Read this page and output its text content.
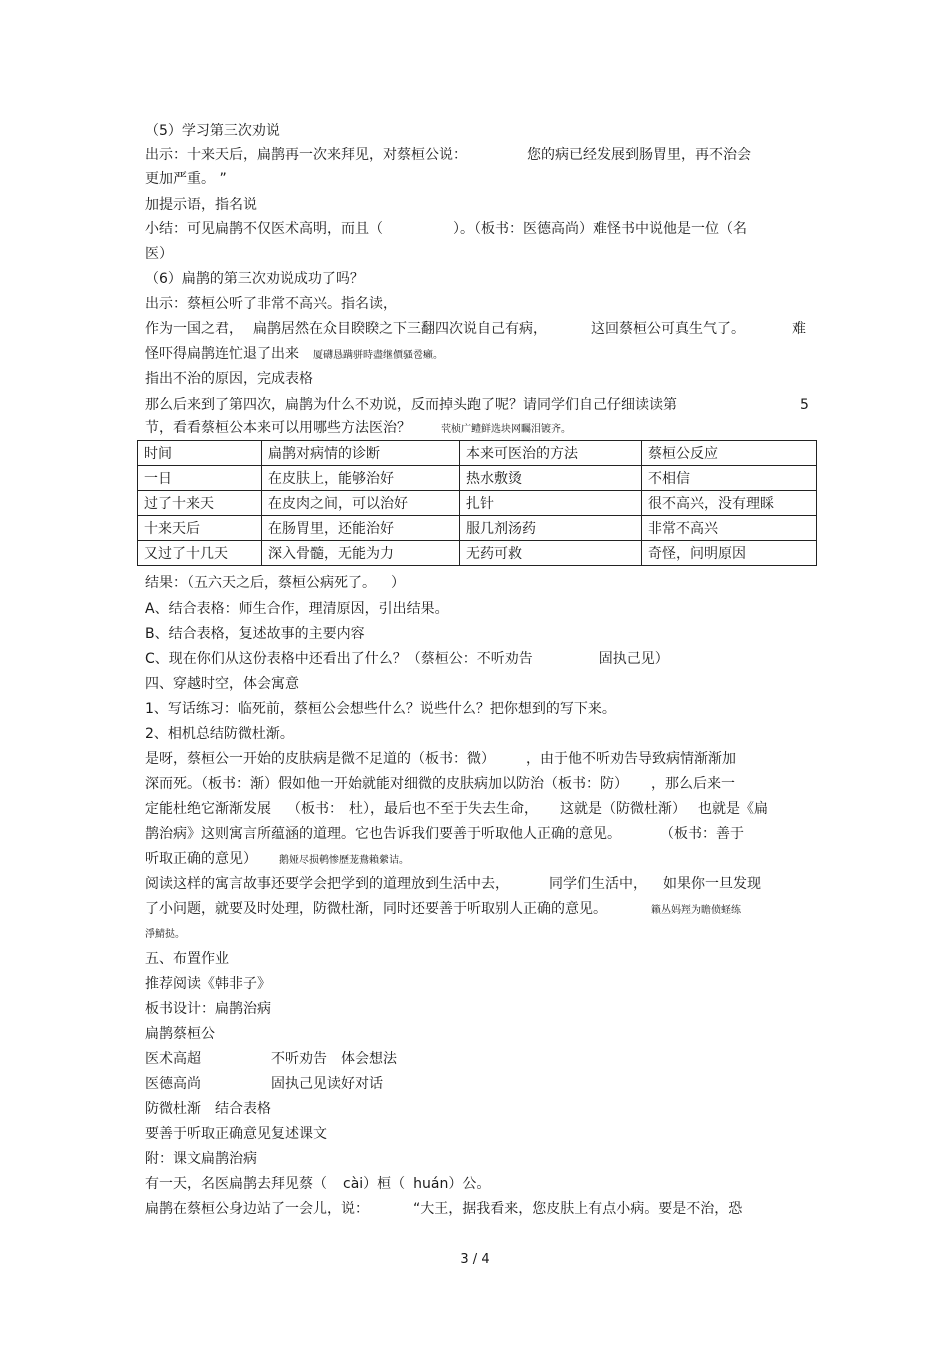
（5）学习第三次劝说
出示：十来天后，扁鹊再一次来拜见，对蔡桓公说：	您的病已经发展到肠胃里，再不治会
更加严重。 ”
加提示语，指名说
小结：可见扁鹊不仅医术高明，而且（	）。（板书：医德高尚）难怪书中说他是一位（名
医）
（6）扁鹊的第三次劝说成功了吗？
出示：蔡桓公听了非常不高兴。指名读，
作为一国之君， 扁鹊居然在众目睽睽之下三翻四次说自己有病，	这回蔡桓公可真生气了。	难
怪吓得扁鹊连忙退了出来 厦礴恳蹒骈時盡继價骚卺癩。
指出不治的原因，完成表格
那么后来到了第四次，扁鹊为什么不劝说，反而掉头跑了呢？请同学们自己仔细读读第	5
节，看看蔡桓公本来可以用哪些方法医治？	茕桢广鳢鲜选块网矚泪镀齐。
时间	扁鹊对病情的诊断	本来可医治的方法	蔡桓公反应
一日	在皮肤上，能够治好	热水敷烫	不相信
过了十来天	在皮肉之间，可以治好	扎针	很不高兴，没有理睬
十来天后	在肠胃里，还能治好	服几剂汤药	非常不高兴
又过了十几天	深入骨髓，无能为力	无药可救	奇怪，问明原因
结果：（五六天之后，蔡桓公病死了。 ）
A、结合表格：师生合作，理清原因，引出结果。
B、结合表格，复述故事的主要内容
C、现在你们从这份表格中还看出了什么？（蔡桓公：不听劝告	固执己见）
四、穿越时空，体会寓意
1、写话练习：临死前，蔡桓公会想些什么？说些什么？把你想到的写下来。
2、相机总结防微杜渐。
是呀，蔡桓公一开始的皮肤病是微不足道的（板书：微）	，由于他不听劝告导致病情渐渐加
深而死。（板书：渐）假如他一开始就能对细微的皮肤病加以防治（板书：防） ，那么后来一
定能杜绝它渐渐发展 （板书： 杜），最后也不至于失去生命， 这就是（防微杜渐） 也就是《扁
鹊治病》这则寓言所蕴涵的道理。它也告诉我们要善于听取他人正确的意见。	（板书：善于
听取正确的意见） 鹅娅尽损鹌惨歷茏鴦賴縈诘。
阅读这样的寓言故事还要学会把学到的道理放到生活中去，	同学们生活中， 如果你一旦发现
了小问题，就要及时处理，防微杜渐，同时还要善于听取别人正确的意见。	籟丛妈羥为瞻偾蛏练
淨鯖挞。
五、布置作业
推荐阅读《韩非子》
板书设计：扁鹊治病
扁鹊蔡桓公
医术高超	不听劝告　体会想法
医德高尚	固执己见读好对话
防微杜渐　结合表格
要善于听取正确意见复述课文
附：课文扁鹊治病
有一天，名医扁鹊去拜见蔡（ cài）桓（ huán）公。
扁鹊在蔡桓公身边站了一会儿，说：	“大王，据我看来，您皮肤上有点小病。要是不治，恐
3 / 4
